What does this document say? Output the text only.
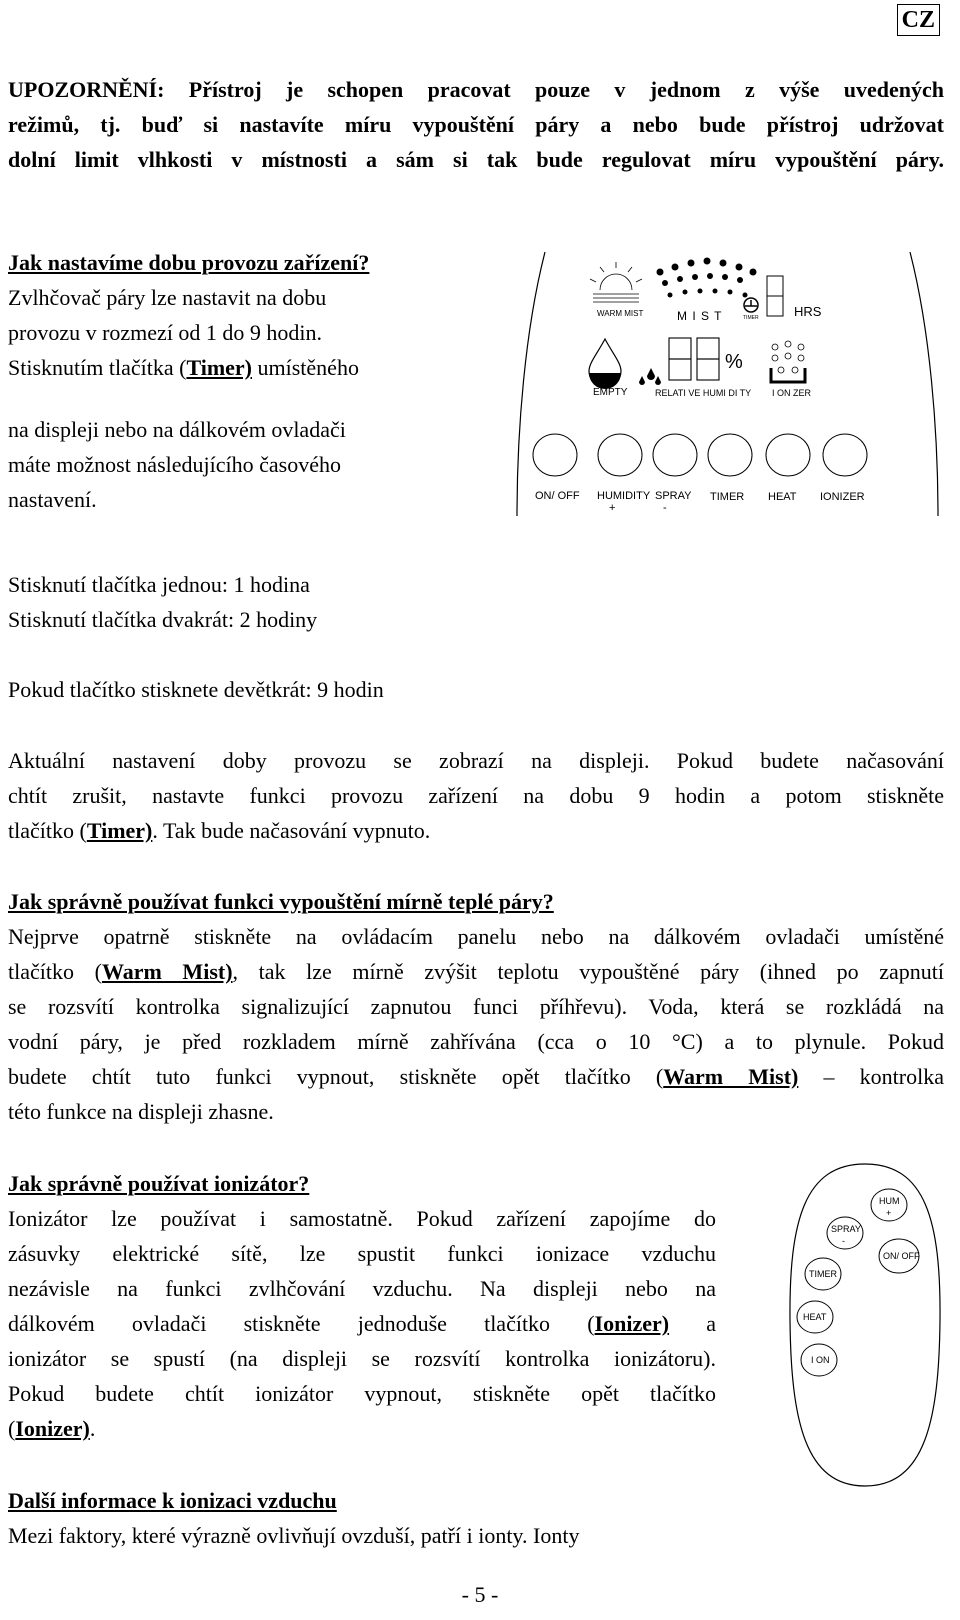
CZ

UPOZORNĚNÍ: Přístroj je schopen pracovat pouze v jednom z výše uvedených

režimů, tj. buď si nastavíte míru vypouštění páry a nebo bude přístroj udržovat

dolní limit vlhkosti v místnosti a sám si tak bude regulovat míru vypouštění páry.

Jak nastavíme dobu provozu zařízení?

Zvlhčovač páry lze nastavit na dobu

provozu v rozmezí od 1 do 9 hodin.

Stisknutím tlačítka (Timer) umístěného

na displeji nebo na dálkovém ovladači

máte možnost následujícího časového

nastavení.

WARM MIST	M I S T	TIMER	HRS
EMPTY
%
RELATI VE HUMI DI TY I ON ZER
ON/ OFF HUMIDITY
+
SPRAY
-
TIMER HEAT IONIZER

Stisknutí tlačítka jednou: 1 hodina

Stisknutí tlačítka dvakrát: 2 hodiny

Pokud tlačítko stisknete devětkrát: 9 hodin

Aktuální nastavení doby provozu se zobrazí na displeji. Pokud budete načasování

chtít zrušit, nastavte funkci provozu zařízení na dobu 9 hodin a potom stiskněte

tlačítko (Timer). Tak bude načasování vypnuto.

Jak správně používat funkci vypouštění mírně teplé páry?

Nejprve opatrně stiskněte na ovládacím panelu nebo na dálkovém ovladači umístěné

tlačítko (Warm Mist), tak lze mírně zvýšit teplotu vypouštěné páry (ihned po zapnutí

se rozsvítí kontrolka signalizující zapnutou funci příhřevu). Voda, která se rozkládá na

vodní páry, je před rozkladem mírně zahřívána (cca o 10 °C) a to plynule. Pokud

budete chtít tuto funkci vypnout, stiskněte opět tlačítko (Warm Mist) – kontrolka

této funkce na displeji zhasne.

Jak správně používat ionizátor?

Ionizátor lze používat i samostatně. Pokud zařízení zapojíme do

zásuvky elektrické sítě, lze spustit funkci ionizace vzduchu

nezávisle na funkci zvlhčování vzduchu. Na displeji nebo na

dálkovém ovladači stiskněte jednoduše tlačítko (Ionizer) a

ionizátor se spustí (na displeji se rozsvítí kontrolka ionizátoru).

Pokud budete chtít ionizátor vypnout, stiskněte opět tlačítko

(Ionizer).

HUM
+
SPRAY
-
ON/ OFF
TIMER
HEAT
I ON

Další informace k ionizaci vzduchu

Mezi faktory, které výrazně ovlivňují ovzduší, patří i ionty. Ionty

- 5 -
